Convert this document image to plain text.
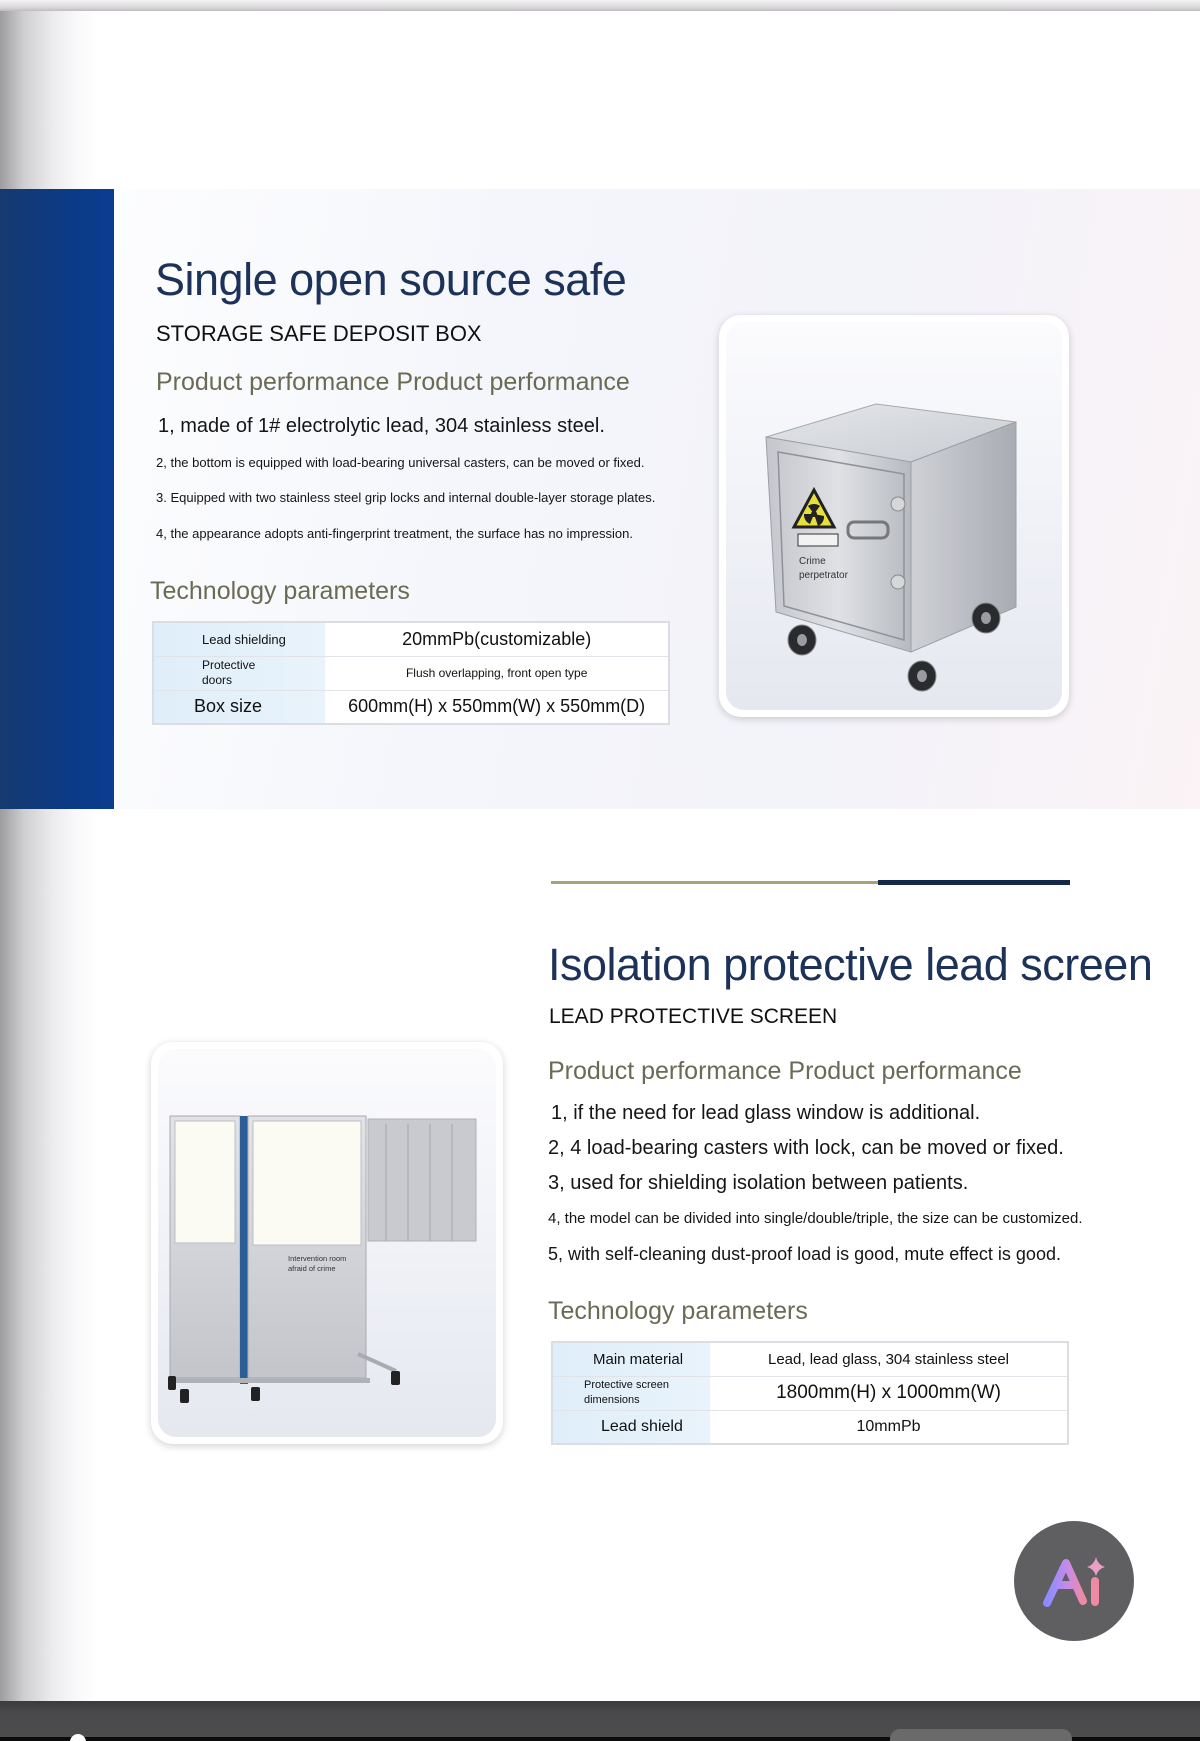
Single open source safe
STORAGE SAFE DEPOSIT BOX
Product performance Product performance
1, made of 1# electrolytic lead, 304 stainless steel.
2, the bottom is equipped with load-bearing universal casters, can be moved or fixed.
3. Equipped with two stainless steel grip locks and internal double-layer storage plates.
4, the appearance adopts anti-fingerprint treatment, the surface has no impression.
Technology parameters
Lead shielding	20mmPb(customizable)
Protective doors	Flush overlapping, front open type
Box size	600mm(H) x 550mm(W) x 550mm(D)
Crime
perpetrator
Isolation protective lead screen
LEAD PROTECTIVE SCREEN
Product performance Product performance
1, if the need for lead glass window is additional.
2, 4 load-bearing casters with lock, can be moved or fixed.
3, used for shielding isolation between patients.
4, the model can be divided into single/double/triple, the size can be customized.
5, with self-cleaning dust-proof load is good, mute effect is good.
Technology parameters
Main material	Lead, lead glass, 304 stainless steel
Protective screen dimensions	1800mm(H) x 1000mm(W)
Lead shield	10mmPb
Intervention room
afraid of crime
